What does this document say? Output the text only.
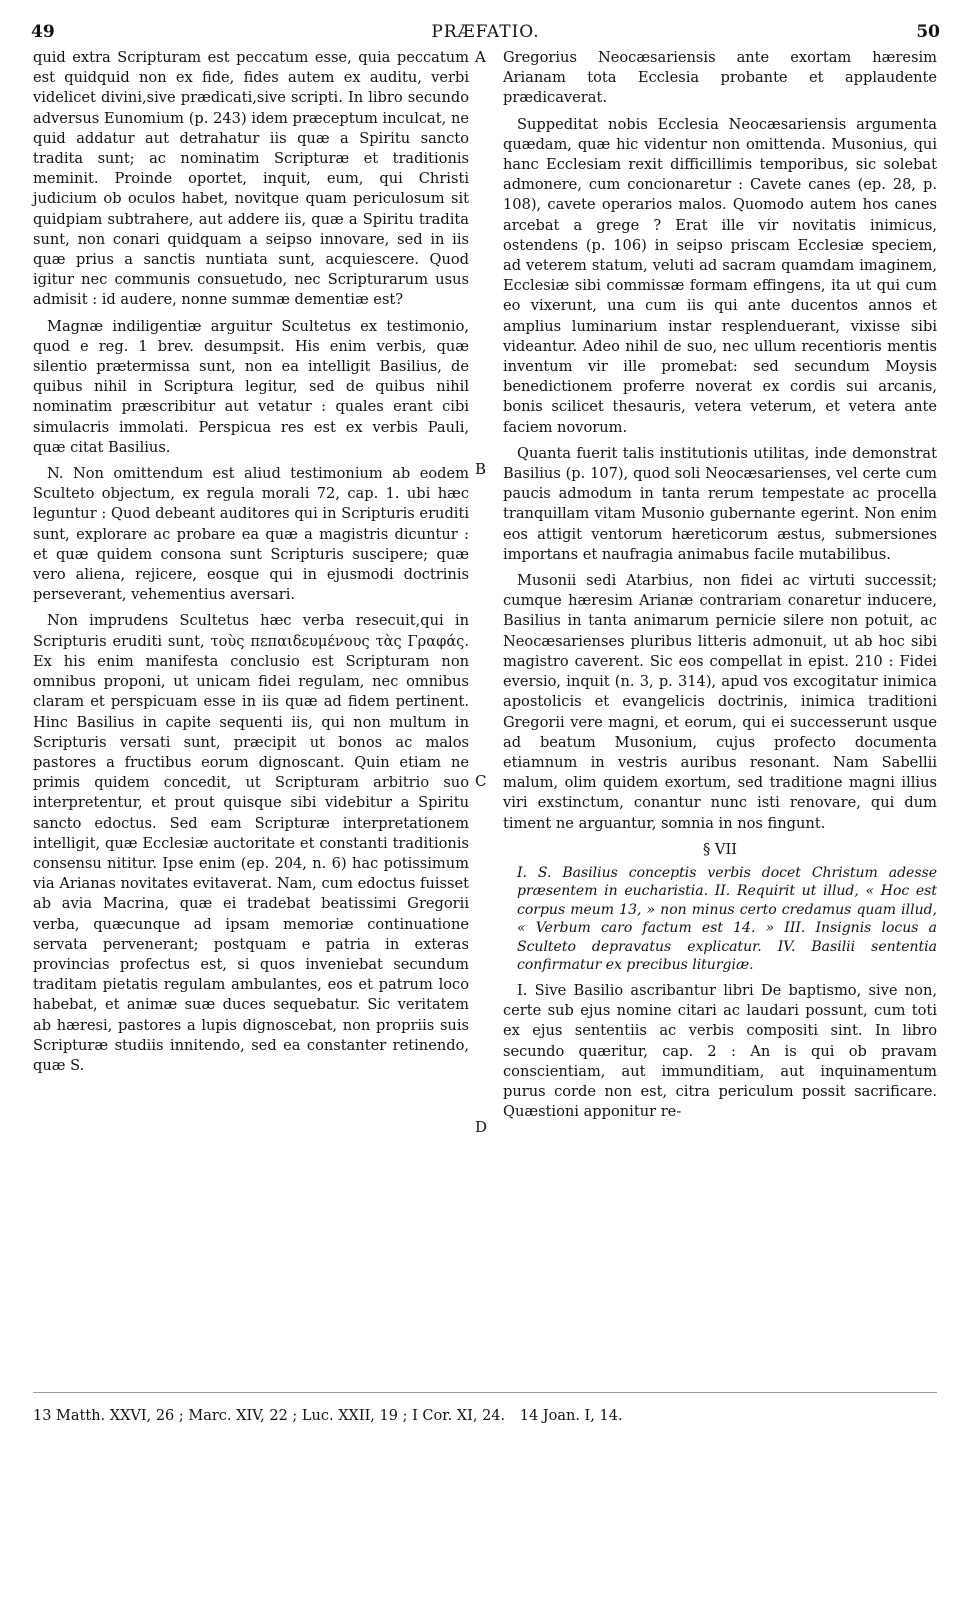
49	PRÆFATIO.	50
A
B
C
D

quid extra Scripturam est peccatum esse, quia peccatum est quidquid non ex fide, fides autem ex auditu, verbi videlicet divini,sive prædicati,sive scripti. In libro secundo adversus Eunomium (p. 243) idem præceptum inculcat, ne quid addatur aut detrahatur iis quæ a Spiritu sancto tradita sunt; ac nominatim Scripturæ et traditionis meminit. Proinde oportet, inquit, eum, qui Christi judicium ob oculos habet, novitque quam periculosum sit quidpiam subtrahere, aut addere iis, quæ a Spiritu tradita sunt, non conari quidquam a seipso innovare, sed in iis quæ prius a sanctis nuntiata sunt, acquiescere. Quod igitur nec communis consuetudo, nec Scripturarum usus admisit : id audere, nonne summæ dementiæ est?

Magnæ indiligentiæ arguitur Scultetus ex testimonio, quod e reg. 1 brev. desumpsit. His enim verbis, quæ silentio prætermissa sunt, non ea intelligit Basilius, de quibus nihil in Scriptura legitur, sed de quibus nihil nominatim præscribitur aut vetatur : quales erant cibi simulacris immolati. Perspicua res est ex verbis Pauli, quæ citat Basilius.

N. Non omittendum est aliud testimonium ab eodem Sculteto objectum, ex regula morali 72, cap. 1. ubi hæc leguntur : Quod debeant auditores qui in Scripturis eruditi sunt, explorare ac probare ea quæ a magistris dicuntur : et quæ quidem consona sunt Scripturis suscipere; quæ vero aliena, rejicere, eosque qui in ejusmodi doctrinis perseverant, vehementius aversari.

Non imprudens Scultetus hæc verba resecuit,qui in Scripturis eruditi sunt, τοὺς πεπαιδευμένους τὰς Γραφάς. Ex his enim manifesta conclusio est Scripturam non omnibus proponi, ut unicam fidei regulam, nec omnibus claram et perspicuam esse in iis quæ ad fidem pertinent. Hinc Basilius in capite sequenti iis, qui non multum in Scripturis versati sunt, præcipit ut bonos ac malos pastores a fructibus eorum dignoscant. Quin etiam ne primis quidem concedit, ut Scripturam arbitrio suo interpretentur, et prout quisque sibi videbitur a Spiritu sancto edoctus. Sed eam Scripturæ interpretationem intelligit, quæ Ecclesiæ auctoritate et constanti traditionis consensu nititur. Ipse enim (ep. 204, n. 6) hac potissimum via Arianas novitates evitaverat. Nam, cum edoctus fuisset ab avia Macrina, quæ ei tradebat beatissimi Gregorii verba, quæcunque ad ipsam memoriæ continuatione servata pervenerant; postquam e patria in exteras provincias profectus est, si quos inveniebat secundum traditam pietatis regulam ambulantes, eos et patrum loco habebat, et animæ suæ duces sequebatur. Sic veritatem ab hæresi, pastores a lupis dignoscebat, non propriis suis Scripturæ studiis innitendo, sed ea constanter retinendo, quæ S.

Gregorius Neocæsariensis ante exortam hæresim Arianam tota Ecclesia probante et applaudente prædicaverat.

Suppeditat nobis Ecclesia Neocæsariensis argumenta quædam, quæ hic videntur non omittenda. Musonius, qui hanc Ecclesiam rexit difficillimis temporibus, sic solebat admonere, cum concionaretur : Cavete canes (ep. 28, p. 108), cavete operarios malos. Quomodo autem hos canes arcebat a grege ? Erat ille vir novitatis inimicus, ostendens (p. 106) in seipso priscam Ecclesiæ speciem, ad veterem statum, veluti ad sacram quamdam imaginem, Ecclesiæ sibi commissæ formam effingens, ita ut qui cum eo vixerunt, una cum iis qui ante ducentos annos et amplius luminarium instar resplenduerant, vixisse sibi videantur. Adeo nihil de suo, nec ullum recentioris mentis inventum vir ille promebat: sed secundum Moysis benedictionem proferre noverat ex cordis sui arcanis, bonis scilicet thesauris, vetera veterum, et vetera ante faciem novorum.

Quanta fuerit talis institutionis utilitas, inde demonstrat Basilius (p. 107), quod soli Neocæsarienses, vel certe cum paucis admodum in tanta rerum tempestate ac procella tranquillam vitam Musonio gubernante egerint. Non enim eos attigit ventorum hæreticorum æstus, submersiones importans et naufragia animabus facile mutabilibus.

Musonii sedi Atarbius, non fidei ac virtuti successit; cumque hæresim Arianæ contrariam conaretur inducere, Basilius in tanta animarum pernicie silere non potuit, ac Neocæsarienses pluribus litteris admonuit, ut ab hoc sibi magistro caverent. Sic eos compellat in epist. 210 : Fidei eversio, inquit (n. 3, p. 314), apud vos excogitatur inimica apostolicis et evangelicis doctrinis, inimica traditioni Gregorii vere magni, et eorum, qui ei successerunt usque ad beatum Musonium, cujus profecto documenta etiamnum in vestris auribus resonant. Nam Sabellii malum, olim quidem exortum, sed traditione magni illius viri exstinctum, conantur nunc isti renovare, qui dum timent ne arguantur, somnia in nos fingunt.

§ VII

I. S. Basilius conceptis verbis docet Christum adesse præsentem in eucharistia. II. Requirit ut illud, « Hoc est corpus meum 13, » non minus certo credamus quam illud, « Verbum caro factum est 14. » III. Insignis locus a Sculteto depravatus explicatur. IV. Basilii sententia confirmatur ex precibus liturgiæ.

I. Sive Basilio ascribantur libri De baptismo, sive non, certe sub ejus nomine citari ac laudari possunt, cum toti ex ejus sententiis ac verbis compositi sint. In libro secundo quæritur, cap. 2 : An is qui ob pravam conscientiam, aut immunditiam, aut inquinamentum purus corde non est, citra periculum possit sacrificare. Quæstioni apponitur re-

13 Matth. XXVI, 26 ; Marc. XIV, 22 ; Luc. XXII, 19 ; I Cor. XI, 24. 14 Joan. I, 14.
